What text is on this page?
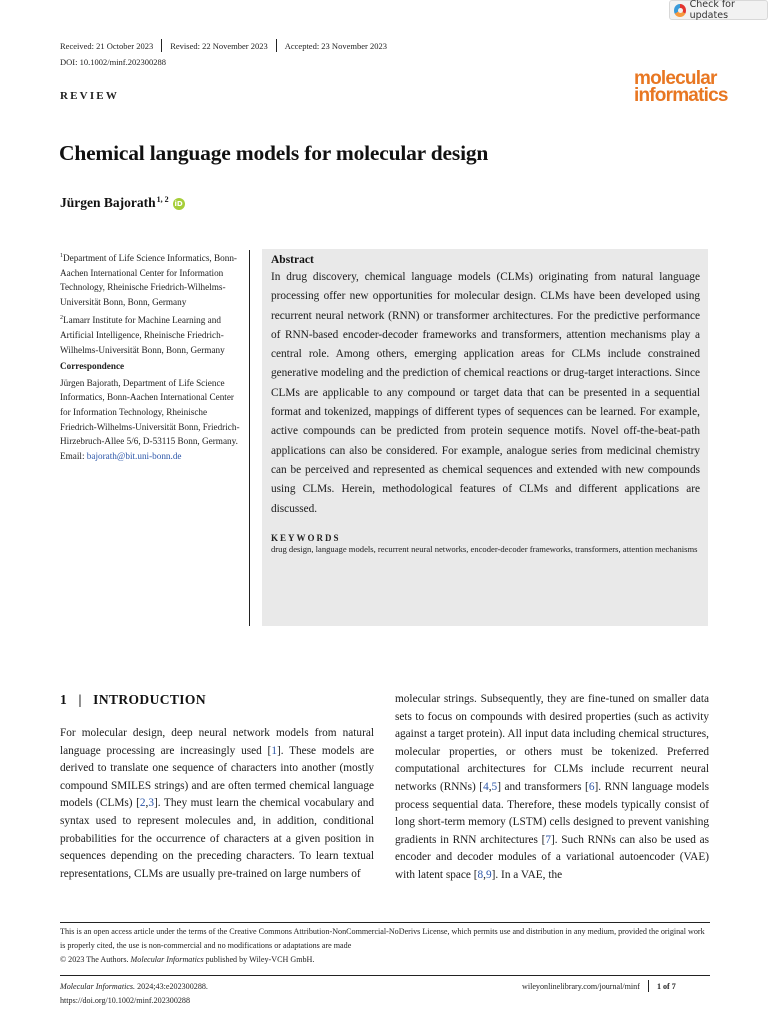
Check for updates
Received: 21 October 2023 Revised: 22 November 2023 Accepted: 23 November 2023
DOI: 10.1002/minf.202300288
molecular
informatics
REVIEW
Chemical language models for molecular design
Jürgen Bajorath$^{1, 2}$ iD

$^1$Department of Life Science Informatics, Bonn-Aachen International Center for Information Technology, Rheinische Friedrich-Wilhelms-Universität Bonn, Bonn, Germany

$^2$Lamarr Institute for Machine Learning and Artificial Intelligence, Rheinische Friedrich-Wilhelms-Universität Bonn, Bonn, Germany

Correspondence

Jürgen Bajorath, Department of Life Science Informatics, Bonn-Aachen International Center for Information Technology, Rheinische Friedrich-Wilhelms-Universität Bonn, Friedrich-Hirzebruch-Allee 5/6, D-53115 Bonn, Germany.
Email: bajorath@bit.uni-bonn.de

Abstract
In drug discovery, chemical language models (CLMs) originating from natural language processing offer new opportunities for molecular design. CLMs have been developed using recurrent neural network (RNN) or transformer architectures. For the predictive performance of RNN-based encoder-decoder frameworks and transformers, attention mechanisms play a central role. Among others, emerging application areas for CLMs include constrained generative modeling and the prediction of chemical reactions or drug-target interactions. Since CLMs are applicable to any compound or target data that can be presented in a sequential format and tokenized, mappings of different types of sequences can be learned. For example, active compounds can be predicted from protein sequence motifs. Novel off-the-beat-path applications can also be considered. For example, analogue series from medicinal chemistry can be perceived and represented as chemical sequences and extended with new compounds using CLMs. Herein, methodological features of CLMs and different applications are discussed.
KEYWORDS
drug design, language models, recurrent neural networks, encoder-decoder frameworks, transformers, attention mechanisms
1   |   INTRODUCTION
For molecular design, deep neural network models from natural language processing are increasingly used [1]. These models are derived to translate one sequence of characters into another (mostly compound SMILES strings) and are often termed chemical language models (CLMs) [2,3]. They must learn the chemical vocabulary and syntax used to represent molecules and, in addition, conditional probabilities for the occurrence of characters at a given position in sequences depending on the preceding characters. To learn textual representations, CLMs are usually pre-trained on large numbers of
molecular strings. Subsequently, they are fine-tuned on smaller data sets to focus on compounds with desired properties (such as activity against a target protein). All input data including chemical structures, molecular properties, or others must be tokenized. Preferred computational architectures for CLMs include recurrent neural networks (RNNs) [4,5] and transformers [6]. RNN language models process sequential data. Therefore, these models typically consist of long short-term memory (LSTM) cells designed to prevent vanishing gradients in RNN architectures [7]. Such RNNs can also be used as encoder and decoder modules of a variational autoencoder (VAE) with latent space [8,9]. In a VAE, the
This is an open access article under the terms of the Creative Commons Attribution-NonCommercial-NoDerivs License, which permits use and distribution in any medium, provided the original work is properly cited, the use is non-commercial and no modifications or adaptations are made
© 2023 The Authors. Molecular Informatics published by Wiley-VCH GmbH.
Molecular Informatics. 2024;43:e202300288.
https://doi.org/10.1002/minf.202300288
wileyonlinelibrary.com/journal/minf 1 of 7
